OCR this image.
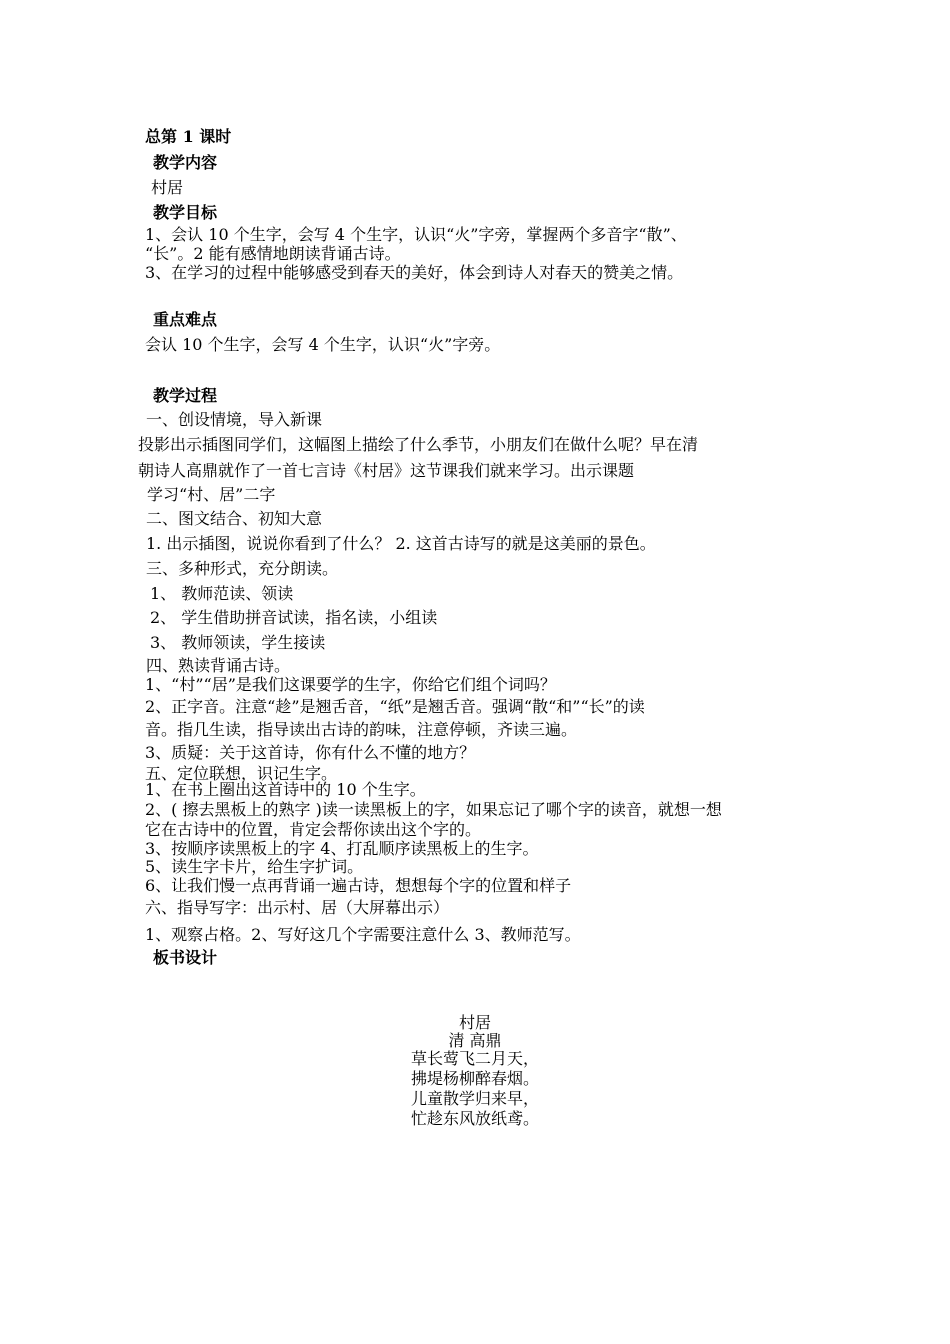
总第 1 课时
教学内容
村居
教学目标
1、会认 10 个生字，会写 4 个生字，认识“火”字旁，掌握两个多音字“散”、
“长”。2 能有感情地朗读背诵古诗。
3、在学习的过程中能够感受到春天的美好，体会到诗人对春天的赞美之情。
重点难点
会认 10 个生字，会写 4 个生字，认识“火”字旁。
教学过程
一、创设情境，导入新课
投影出示插图同学们，这幅图上描绘了什么季节，小朋友们在做什么呢？早在清
朝诗人高鼎就作了一首七言诗《村居》这节课我们就来学习。出示课题
学习“村、居”二字
二、图文结合、初知大意
1. 出示插图，说说你看到了什么？ 2. 这首古诗写的就是这美丽的景色。
三、多种形式，充分朗读。
1、 教师范读、领读
2、 学生借助拼音试读，指名读，小组读
3、 教师领读，学生接读
四、熟读背诵古诗。
1、“村”“居”是我们这课要学的生字，你给它们组个词吗？
2、正字音。注意“趁”是翘舌音，“纸”是翘舌音。强调“散“和”“长”的读
音。指几生读，指导读出古诗的韵味，注意停顿，齐读三遍。
3、质疑：关于这首诗，你有什么不懂的地方？
五、定位联想，识记生字。
1、在书上圈出这首诗中的 10 个生字。
2、( 擦去黑板上的熟字 )读一读黑板上的字，如果忘记了哪个字的读音，就想一想
它在古诗中的位置，肯定会帮你读出这个字的。
3、按顺序读黑板上的字 4、打乱顺序读黑板上的生字。
5、读生字卡片，给生字扩词。
6、让我们慢一点再背诵一遍古诗，想想每个字的位置和样子
六、指导写字：出示村、居（大屏幕出示）
1、观察占格。2、写好这几个字需要注意什么 3、教师范写。
板书设计
村居
清 高鼎
草长莺飞二月天，
拂堤杨柳醉春烟。
儿童散学归来早，
忙趁东风放纸鸢。
